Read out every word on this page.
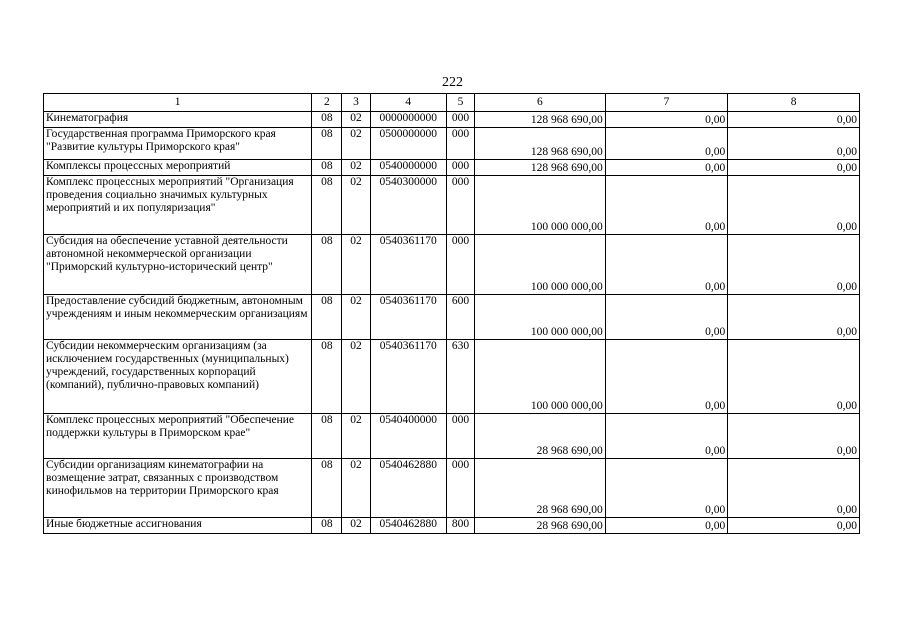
222
1	2	3	4	5	6	7	8
Кинематография	08	02	0000000000	000	128 968 690,00	0,00	0,00
Государственная программа Приморского края "Развитие культуры Приморского края"	08	02	0500000000	000	128 968 690,00	0,00	0,00
Комплексы процессных мероприятий	08	02	0540000000	000	128 968 690,00	0,00	0,00
Комплекс процессных мероприятий "Организация проведения социально значимых культурных мероприятий и их популяризация"	08	02	0540300000	000	100 000 000,00	0,00	0,00
Субсидия на обеспечение уставной деятельности автономной некоммерческой организации "Приморский культурно-исторический центр"	08	02	0540361170	000	100 000 000,00	0,00	0,00
Предоставление субсидий бюджетным, автономным учреждениям и иным некоммерческим организациям	08	02	0540361170	600	100 000 000,00	0,00	0,00
Субсидии некоммерческим организациям (за исключением государственных (муниципальных) учреждений, государственных корпораций (компаний), публично-правовых компаний)	08	02	0540361170	630	100 000 000,00	0,00	0,00
Комплекс процессных мероприятий "Обеспечение поддержки культуры в Приморском крае"	08	02	0540400000	000	28 968 690,00	0,00	0,00
Субсидии организациям кинематографии на возмещение затрат, связанных с производством кинофильмов на территории Приморского края	08	02	0540462880	000	28 968 690,00	0,00	0,00
Иные бюджетные ассигнования	08	02	0540462880	800	28 968 690,00	0,00	0,00
